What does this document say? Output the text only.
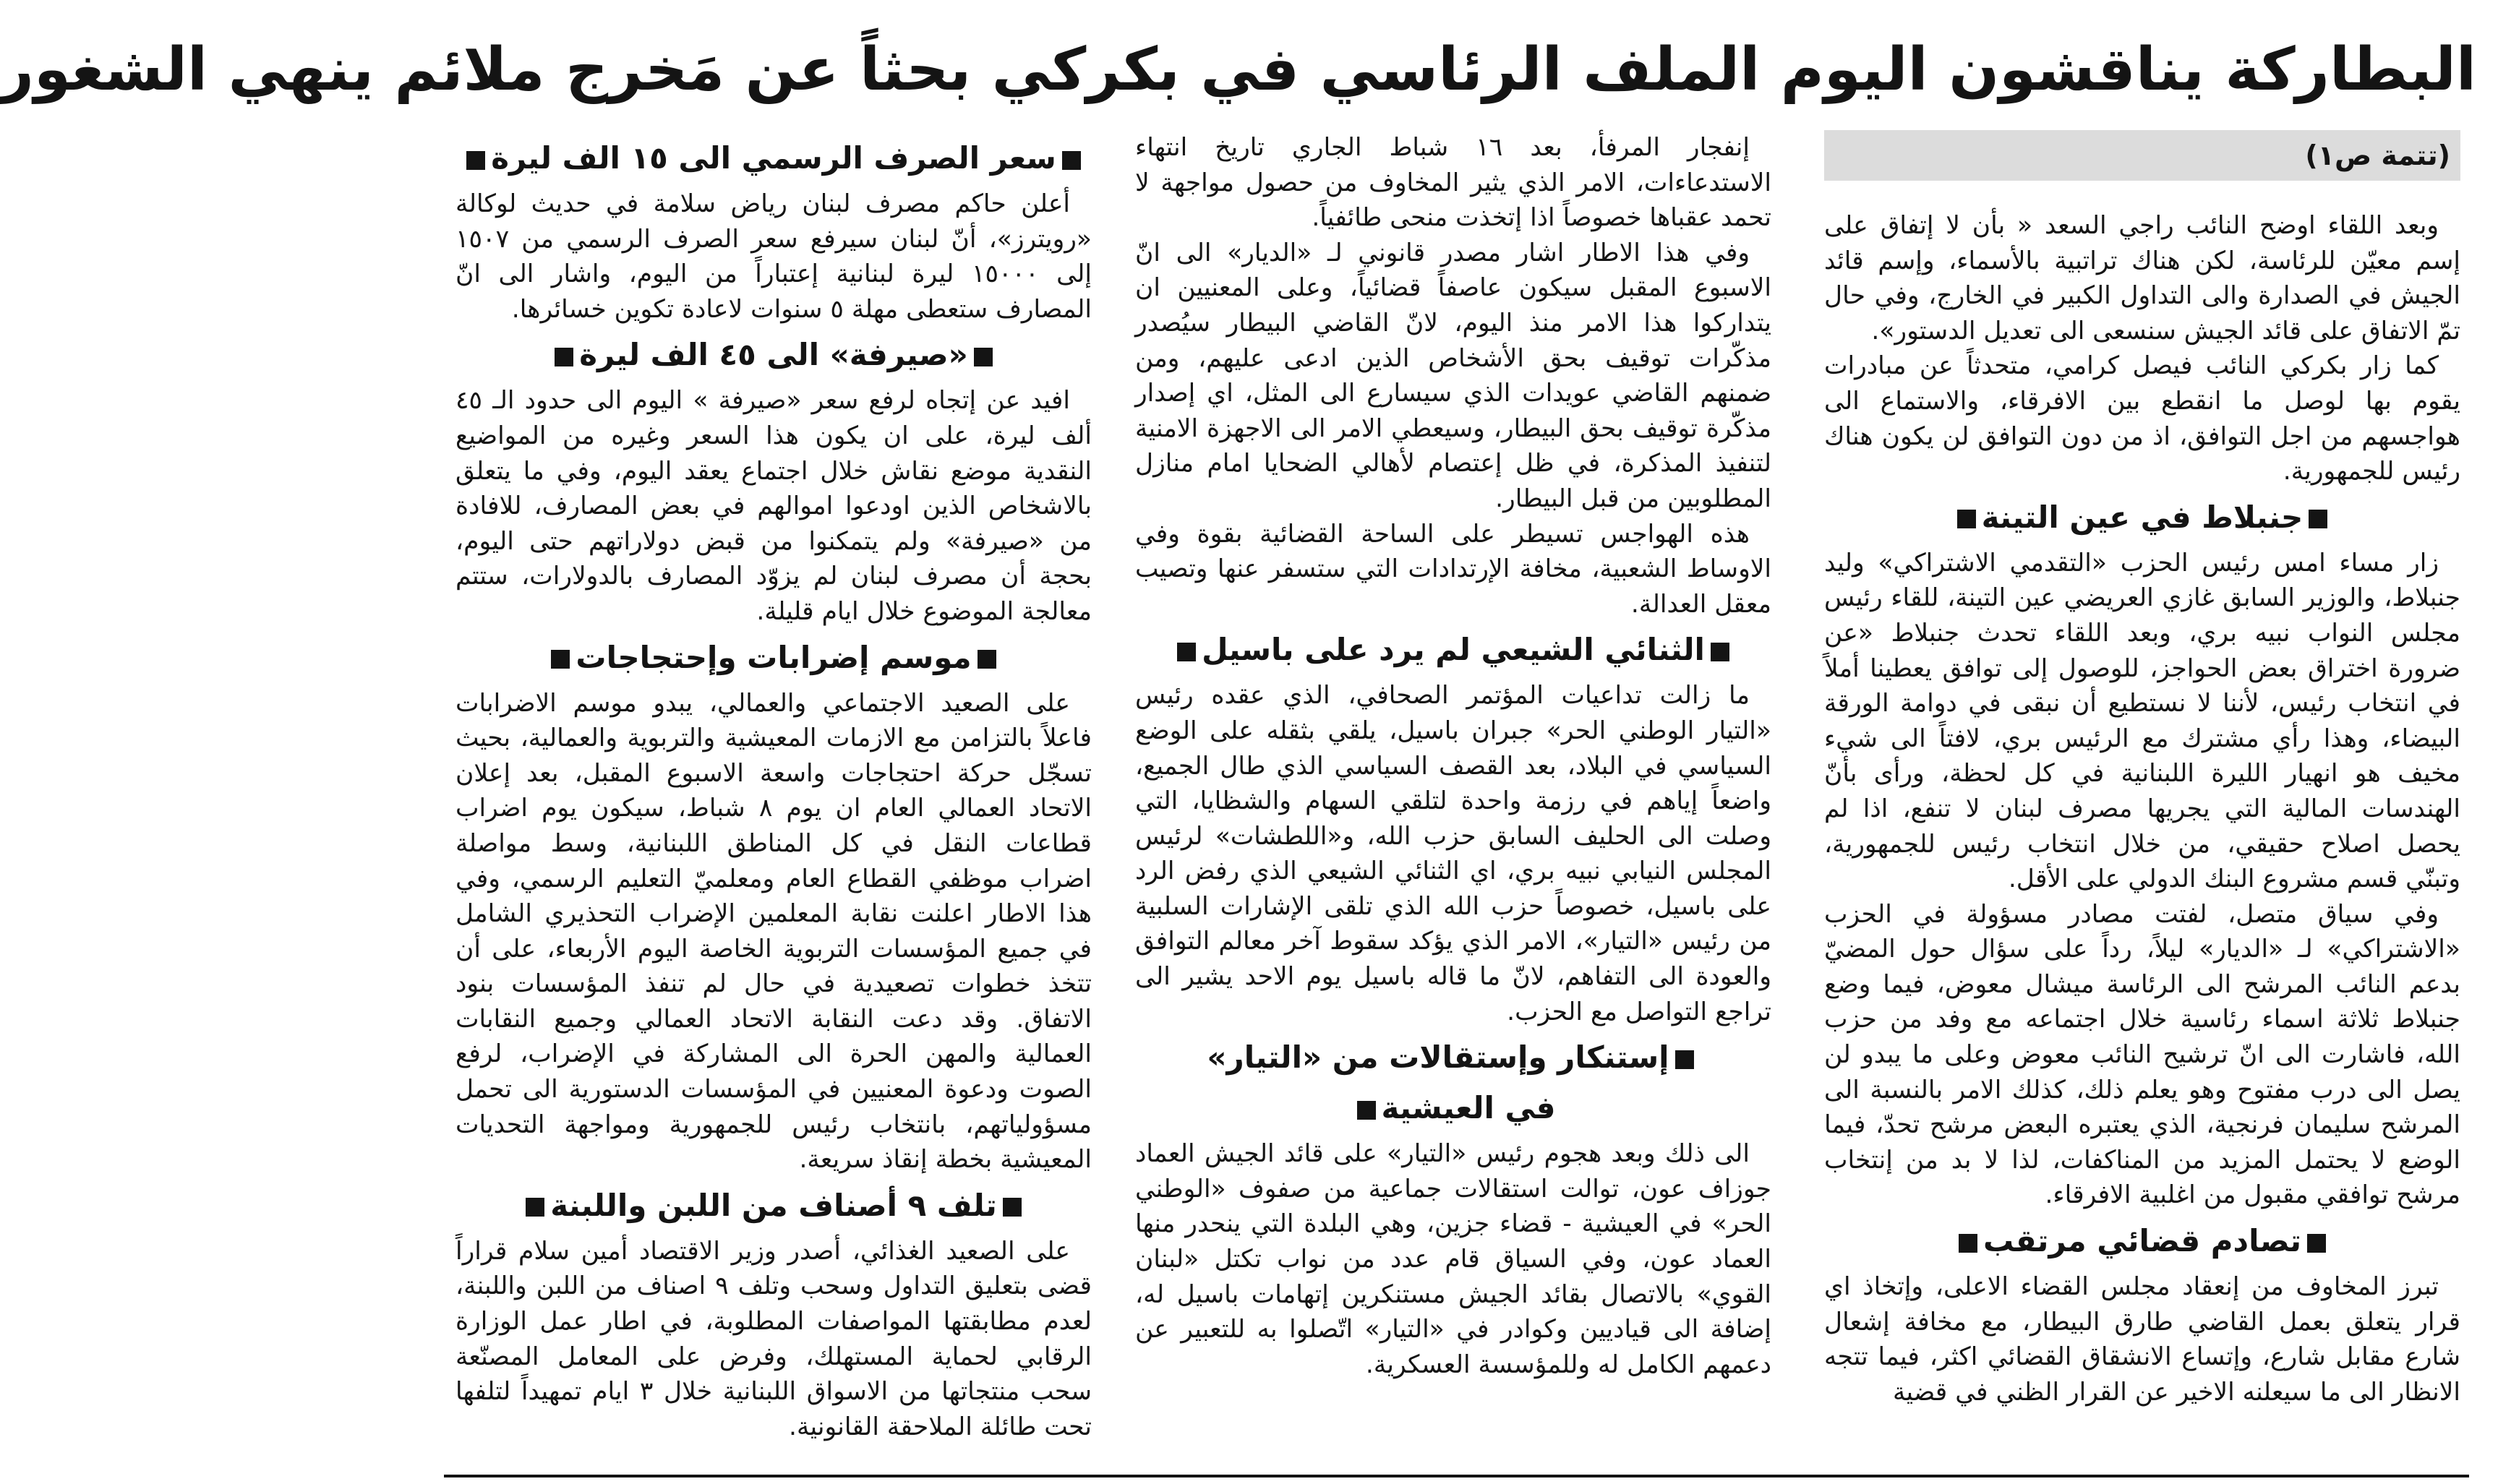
البطاركة يناقشون اليوم الملف الرئاسي في بكركي بحثاً عن مَخرج ملائم ينهي الشغور
(تتمة ص١)

وبعد اللقاء اوضح النائب راجي السعد « بأن لا إتفاق على إسم معيّن للرئاسة، لكن هناك تراتبية بالأسماء، وإسم قائد الجيش في الصدارة والى التداول الكبير في الخارج، وفي حال تمّ الاتفاق على قائد الجيش سنسعى الى تعديل الدستور».

كما زار بكركي النائب فيصل كرامي، متحدثاً عن مبادرات يقوم بها لوصل ما انقطع بين الافرقاء، والاستماع الى هواجسهم من اجل التوافق، اذ من دون التوافق لن يكون هناك رئيس للجمهورية.

جنبلاط في عين التينة

زار مساء امس رئيس الحزب «التقدمي الاشتراكي» وليد جنبلاط، والوزير السابق غازي العريضي عين التينة، للقاء رئيس مجلس النواب نبيه بري، وبعد اللقاء تحدث جنبلاط «عن ضرورة اختراق بعض الحواجز، للوصول إلى توافق يعطينا أملاً في انتخاب رئيس، لأننا لا نستطيع أن نبقى في دوامة الورقة البيضاء، وهذا رأي مشترك مع الرئيس بري، لافتاً الى شيء مخيف هو انهيار الليرة اللبنانية في كل لحظة، ورأى بأنّ الهندسات المالية التي يجريها مصرف لبنان لا تنفع، اذا لم يحصل اصلاح حقيقي، من خلال انتخاب رئيس للجمهورية، وتبنّي قسم مشروع البنك الدولي على الأقل.

وفي سياق متصل، لفتت مصادر مسؤولة في الحزب «الاشتراكي» لـ «الديار» ليلاً، رداً على سؤال حول المضيّ بدعم النائب المرشح الى الرئاسة ميشال معوض، فيما وضع جنبلاط ثلاثة اسماء رئاسية خلال اجتماعه مع وفد من حزب الله، فاشارت الى انّ ترشيح النائب معوض وعلى ما يبدو لن يصل الى درب مفتوح وهو يعلم ذلك، كذلك الامر بالنسبة الى المرشح سليمان فرنجية، الذي يعتبره البعض مرشح تحدّ، فيما الوضع لا يحتمل المزيد من المناكفات، لذا لا بد من إنتخاب مرشح توافقي مقبول من اغلبية الافرقاء.

تصادم قضائي مرتقب

تبرز المخاوف من إنعقاد مجلس القضاء الاعلى، وإتخاذ اي قرار يتعلق بعمل القاضي طارق البيطار، مع مخافة إشعال شارع مقابل شارع، وإتساع الانشقاق القضائي اكثر، فيما تتجه الانظار الى ما سيعلنه الاخير عن القرار الظني في قضية

إنفجار المرفأ، بعد ١٦ شباط الجاري تاريخ انتهاء الاستدعاءات، الامر الذي يثير المخاوف من حصول مواجهة لا تحمد عقباها خصوصاً اذا إتخذت منحى طائفياً.

وفي هذا الاطار اشار مصدر قانوني لـ «الديار» الى انّ الاسبوع المقبل سيكون عاصفاً قضائياً، وعلى المعنيين ان يتداركوا هذا الامر منذ اليوم، لانّ القاضي البيطار سيُصدر مذكّرات توقيف بحق الأشخاص الذين ادعى عليهم، ومن ضمنهم القاضي عويدات الذي سيسارع الى المثل، اي إصدار مذكّرة توقيف بحق البيطار، وسيعطي الامر الى الاجهزة الامنية لتنفيذ المذكرة، في ظل إعتصام لأهالي الضحايا امام منازل المطلوبين من قبل البيطار.

هذه الهواجس تسيطر على الساحة القضائية بقوة وفي الاوساط الشعبية، مخافة الإرتدادات التي ستسفر عنها وتصيب معقل العدالة.

الثنائي الشيعي لم يرد على باسيل

ما زالت تداعيات المؤتمر الصحافي، الذي عقده رئيس «التيار الوطني الحر» جبران باسيل، يلقي بثقله على الوضع السياسي في البلاد، بعد القصف السياسي الذي طال الجميع، واضعاً إياهم في رزمة واحدة لتلقي السهام والشظايا، التي وصلت الى الحليف السابق حزب الله، و«اللطشات» لرئيس المجلس النيابي نبيه بري، اي الثنائي الشيعي الذي رفض الرد على باسيل، خصوصاً حزب الله الذي تلقى الإشارات السلبية من رئيس «التيار»، الامر الذي يؤكد سقوط آخر معالم التوافق والعودة الى التفاهم، لانّ ما قاله باسيل يوم الاحد يشير الى تراجع التواصل مع الحزب.

إستنكار وإستقالات من «التيار»
في العيشية

الى ذلك وبعد هجوم رئيس «التيار» على قائد الجيش العماد جوزاف عون، توالت استقالات جماعية من صفوف «الوطني الحر» في العيشية - قضاء جزين، وهي البلدة التي ينحدر منها العماد عون، وفي السياق قام عدد من نواب تكتل «لبنان القوي» بالاتصال بقائد الجيش مستنكرين إتهامات باسيل له، إضافة الى قياديين وكوادر في «التيار» اتّصلوا به للتعبير عن دعمهم الكامل له وللمؤسسة العسكرية.

سعر الصرف الرسمي الى ١٥ الف ليرة

أعلن حاكم مصرف لبنان رياض سلامة في حديث لوكالة «رويترز»، أنّ لبنان سيرفع سعر الصرف الرسمي من ١٥٠٧ إلى ١٥٠٠٠ ليرة لبنانية إعتباراً من اليوم، واشار الى انّ المصارف ستعطى مهلة ٥ سنوات لاعادة تكوين خسائرها.

«صيرفة» الى ٤٥ الف ليرة

افيد عن إتجاه لرفع سعر «صيرفة » اليوم الى حدود الـ ٤٥ ألف ليرة، على ان يكون هذا السعر وغيره من المواضيع النقدية موضع نقاش خلال اجتماع يعقد اليوم، وفي ما يتعلق بالاشخاص الذين اودعوا اموالهم في بعض المصارف، للافادة من «صيرفة» ولم يتمكنوا من قبض دولاراتهم حتى اليوم، بحجة أن مصرف لبنان لم يزوّد المصارف بالدولارات، ستتم معالجة الموضوع خلال ايام قليلة.

موسم إضرابات وإحتجاجات

على الصعيد الاجتماعي والعمالي، يبدو موسم الاضرابات فاعلاً بالتزامن مع الازمات المعيشية والتربوية والعمالية، بحيث تسجّل حركة احتجاجات واسعة الاسبوع المقبل، بعد إعلان الاتحاد العمالي العام ان يوم ٨ شباط، سيكون يوم اضراب قطاعات النقل في كل المناطق اللبنانية، وسط مواصلة اضراب موظفي القطاع العام ومعلميّ التعليم الرسمي، وفي هذا الاطار اعلنت نقابة المعلمين الإضراب التحذيري الشامل في جميع المؤسسات التربوية الخاصة اليوم الأربعاء، على أن تتخذ خطوات تصعيدية في حال لم تنفذ المؤسسات بنود الاتفاق. وقد دعت النقابة الاتحاد العمالي وجميع النقابات العمالية والمهن الحرة الى المشاركة في الإضراب، لرفع الصوت ودعوة المعنيين في المؤسسات الدستورية الى تحمل مسؤولياتهم، بانتخاب رئيس للجمهورية ومواجهة التحديات المعيشية بخطة إنقاذ سريعة.

تلف ٩ أصناف من اللبن واللبنة

على الصعيد الغذائي، أصدر وزير الاقتصاد أمين سلام قراراً قضى بتعليق التداول وسحب وتلف ٩ اصناف من اللبن واللبنة، لعدم مطابقتها المواصفات المطلوبة، في اطار عمل الوزارة الرقابي لحماية المستهلك، وفرض على المعامل المصنّعة سحب منتجاتها من الاسواق اللبنانية خلال ٣ ايام تمهيداً لتلفها تحت طائلة الملاحقة القانونية.
